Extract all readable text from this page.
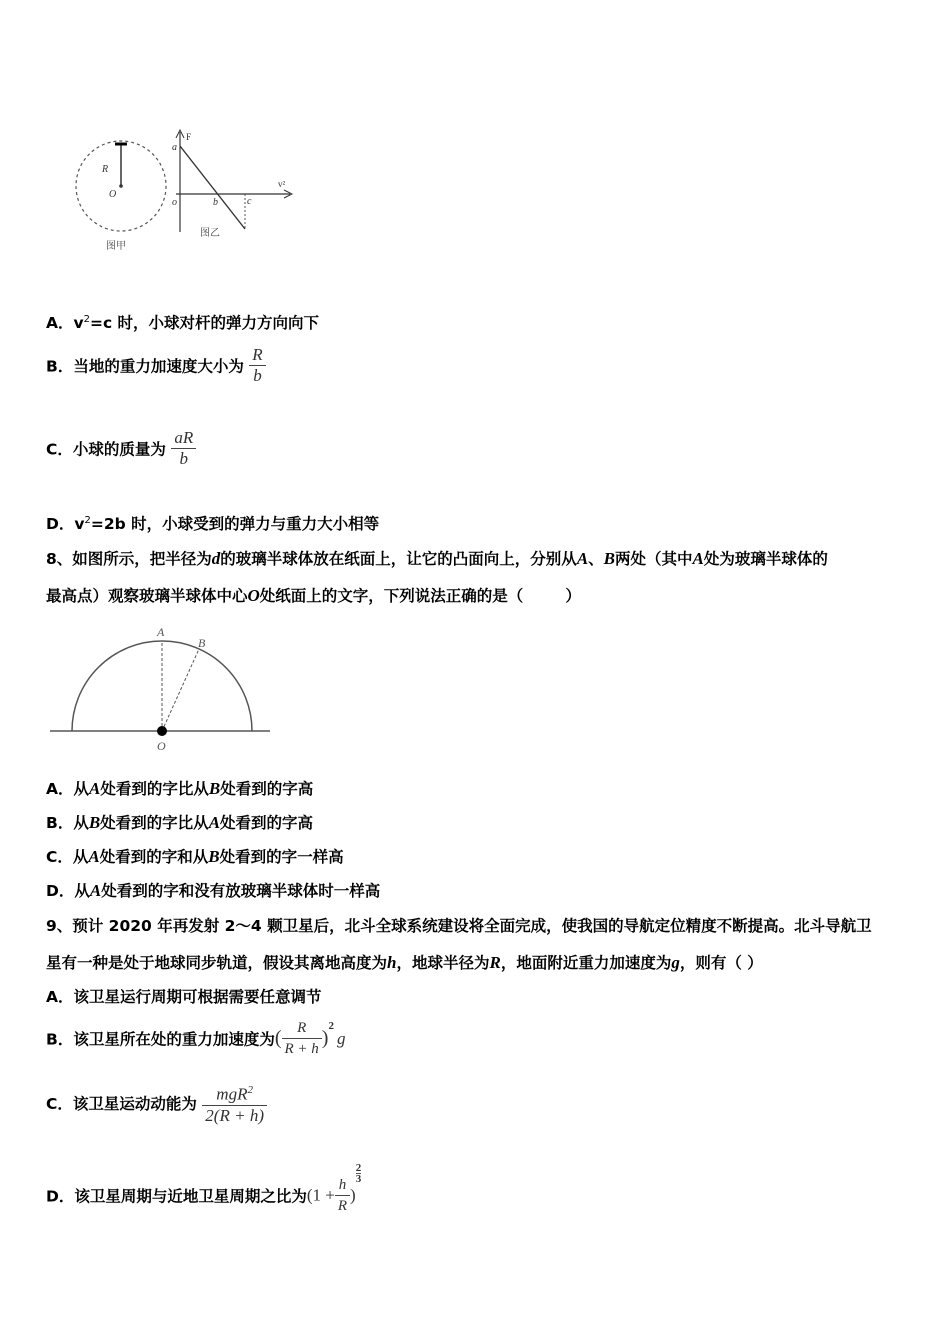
R
O
图甲
F
v²
a
o	b	c
图乙
A．$v^2=c$ 时，小球对杆的弹力方向向下
B．当地的重力加速度大小为 $\frac{R}{b}$
C．小球的质量为 $\frac{aR}{b}$
D．$v^2=2b$ 时，小球受到的弹力与重力大小相等
8、如图所示，把半径为d的玻璃半球体放在纸面上，让它的凸面向上，分别从A、B两处（其中A处为玻璃半球体的
最高点）观察玻璃半球体中心O处纸面上的文字，下列说法正确的是（	）
A
B
O
A．从A处看到的字比从B处看到的字高
B．从B处看到的字比从A处看到的字高
C．从A处看到的字和从B处看到的字一样高
D．从A处看到的字和没有放玻璃半球体时一样高
9、预计 2020 年再发射 2～4 颗卫星后，北斗全球系统建设将全面完成，使我国的导航定位精度不断提高。北斗导航卫
星有一种是处于地球同步轨道，假设其离地高度为h，地球半径为R，地面附近重力加速度为g，则有（ ）
A．该卫星运行周期可根据需要任意调节
B．该卫星所在处的重力加速度为( $\frac{R}{R + h} )^2g$
C．该卫星运动动能为 $\frac{mgR^2}{2(R + h)}$
D．该卫星周期与近地卫星周期之比为($1 + \frac{h}{R}$ )
$\frac{2}{3}$
